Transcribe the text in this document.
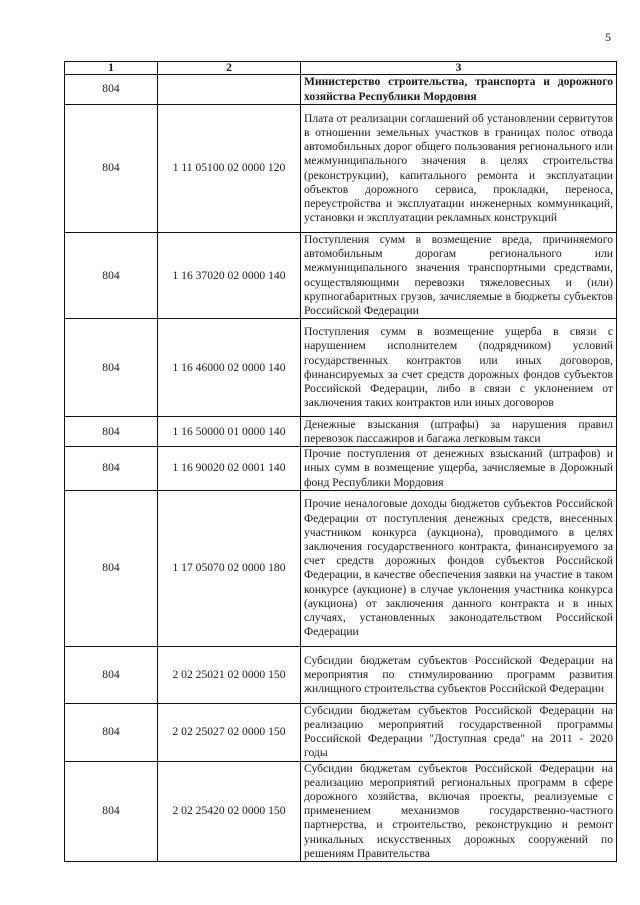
5
1	2	3
804		Министерство строительства, транспорта и дорожного хозяйства Республики Мордовия
804	1 11 05100 02 0000 120	Плата от реализации соглашений об установлении сервитутов в отношении земельных участков в границах полос отвода автомобильных дорог общего пользования регионального или межмуниципального значения в целях строительства (реконструкции), капитального ремонта и эксплуатации объектов дорожного сервиса, прокладки, переноса, переустройства и эксплуатации инженерных коммуникаций, установки и эксплуатации рекламных конструкций
804	1 16 37020 02 0000 140	Поступления сумм в возмещение вреда, причиняемого автомобильным дорогам регионального или межмуниципального значения транспортными средствами, осуществляющими перевозки тяжеловесных и (или) крупногабаритных грузов, зачисляемые в бюджеты субъектов Российской Федерации
804	1 16 46000 02 0000 140	Поступления сумм в возмещение ущерба в связи с нарушением исполнителем (подрядчиком) условий государственных контрактов или иных договоров, финансируемых за счет средств дорожных фондов субъектов Российской Федерации, либо в связи с уклонением от заключения таких контрактов или иных договоров
804	1 16 50000 01 0000 140	Денежные взыскания (штрафы) за нарушения правил перевозок пассажиров и багажа легковым такси
804	1 16 90020 02 0001 140	Прочие поступления от денежных взысканий (штрафов) и иных сумм в возмещение ущерба, зачисляемые в Дорожный фонд Республики Мордовия
804	1 17 05070 02 0000 180	Прочие неналоговые доходы бюджетов субъектов Российской Федерации от поступления денежных средств, внесенных участником конкурса (аукциона), проводимого в целях заключения государственного контракта, финансируемого за счет средств дорожных фондов субъектов Российской Федерации, в качестве обеспечения заявки на участие в таком конкурсе (аукционе) в случае уклонения участника конкурса (аукциона) от заключения данного контракта и в иных случаях, установленных законодательством Российской Федерации
804	2 02 25021 02 0000 150	Субсидии бюджетам субъектов Российской Федерации на мероприятия по стимулированию программ развития жилищного строительства субъектов Российской Федерации
804	2 02 25027 02 0000 150	Субсидии бюджетам субъектов Российской Федерации на реализацию мероприятий государственной программы Российской Федерации "Доступная среда" на 2011 - 2020 годы
804	2 02 25420 02 0000 150	Субсидии бюджетам субъектов Российской Федерации на реализацию мероприятий региональных программ в сфере дорожного хозяйства, включая проекты, реализуемые с применением механизмов государственно-частного партнерства, и строительство, реконструкцию и ремонт уникальных искусственных дорожных сооружений по решениям Правительства
